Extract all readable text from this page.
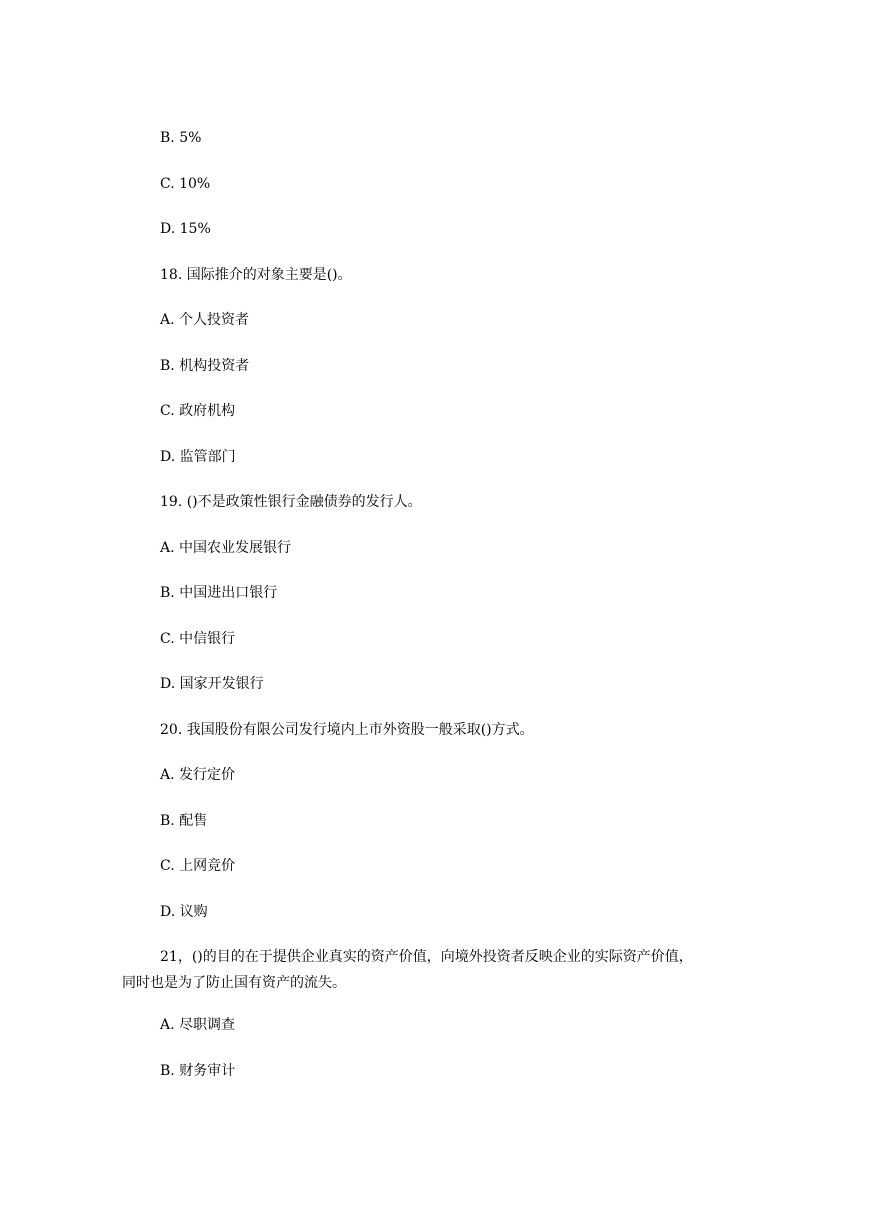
B. 5%
C. 10%
D. 15%
18. 国际推介的对象主要是()。
A. 个人投资者
B. 机构投资者
C. 政府机构
D. 监管部门
19. ()不是政策性银行金融债券的发行人。
A. 中国农业发展银行
B. 中国进出口银行
C. 中信银行
D. 国家开发银行
20. 我国股份有限公司发行境内上市外资股一般采取()方式。
A. 发行定价
B. 配售
C. 上网竞价
D. 议购
21，()的目的在于提供企业真实的资产价值，向境外投资者反映企业的实际资产价值，
同时也是为了防止国有资产的流失。
A. 尽职调查
B. 财务审计
